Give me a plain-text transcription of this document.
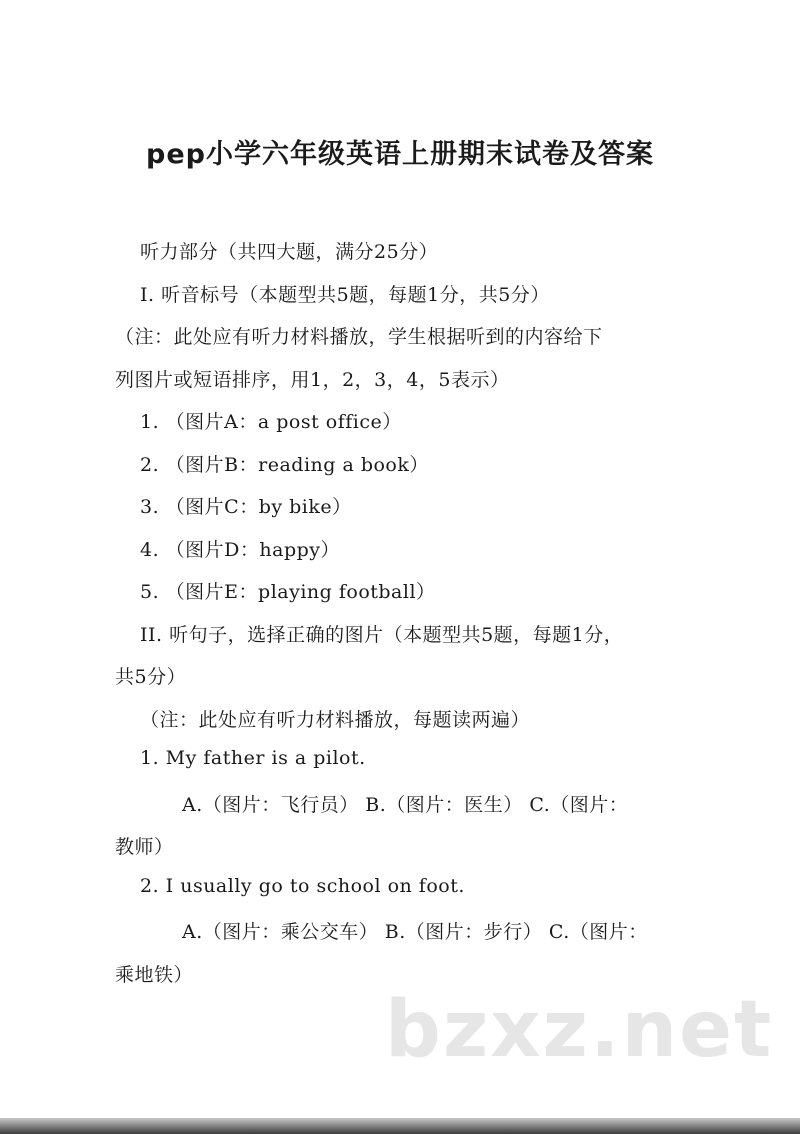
pep小学六年级英语上册期末试卷及答案
听力部分（共四大题，满分25分）
I. 听音标号（本题型共5题，每题1分，共5分）
（注：此处应有听力材料播放，学生根据听到的内容给下
列图片或短语排序，用1，2，3，4，5表示）
1. （图片A：a post office）
2. （图片B：reading a book）
3. （图片C：by bike）
4. （图片D：happy）
5. （图片E：playing football）
II. 听句子，选择正确的图片（本题型共5题，每题1分，
共5分）
（注：此处应有听力材料播放，每题读两遍）
1. My father is a pilot.
A.（图片：飞行员） B.（图片：医生） C.（图片：
教师）
2. I usually go to school on foot.
A.（图片：乘公交车） B.（图片：步行） C.（图片：
乘地铁）
bzxz.net
